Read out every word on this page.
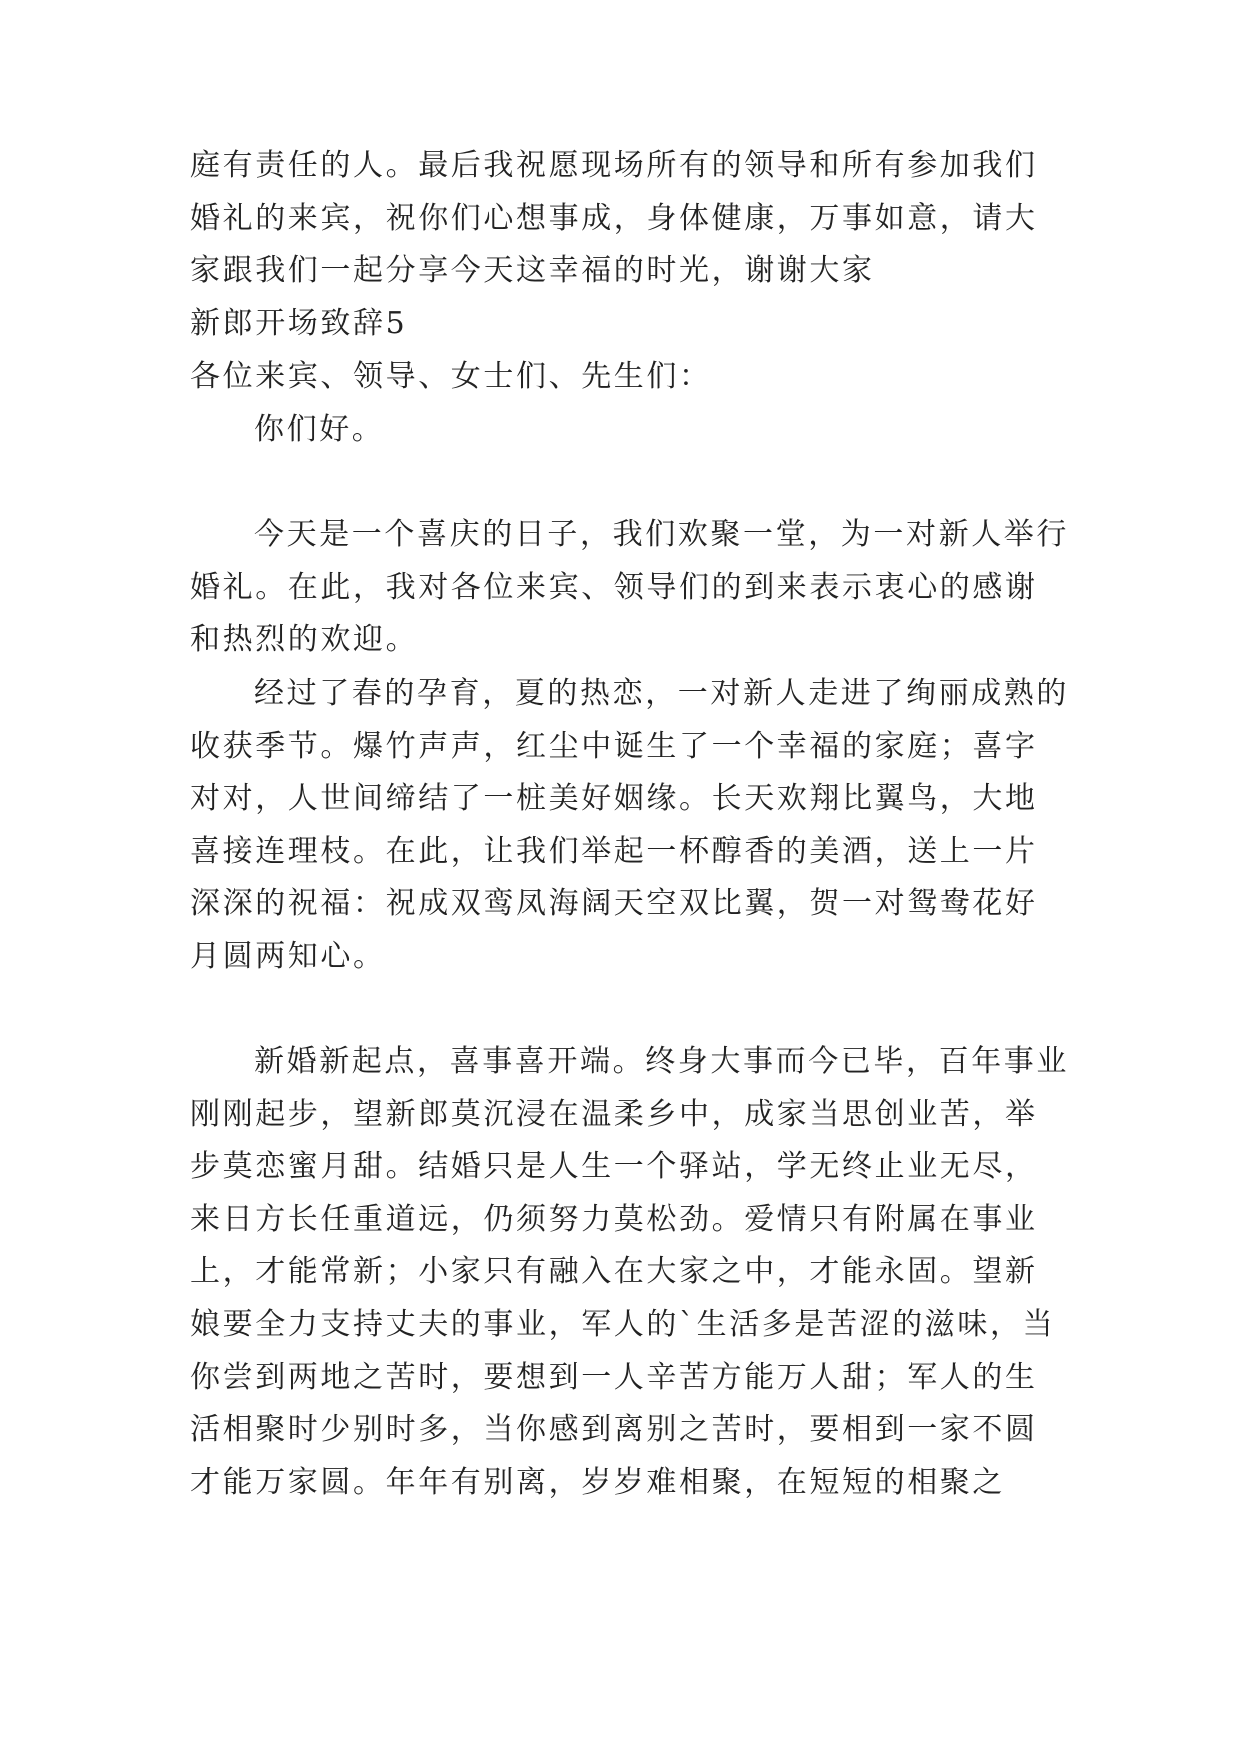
庭有责任的人。最后我祝愿现场所有的领导和所有参加我们婚礼的来宾，祝你们心想事成，身体健康，万事如意，请大家跟我们一起分享今天这幸福的时光，谢谢大家
新郎开场致辞5
各位来宾、领导、女士们、先生们：
你们好。
今天是一个喜庆的日子，我们欢聚一堂，为一对新人举行婚礼。在此，我对各位来宾、领导们的到来表示衷心的感谢和热烈的欢迎。
经过了春的孕育，夏的热恋，一对新人走进了绚丽成熟的收获季节。爆竹声声，红尘中诞生了一个幸福的家庭；喜字对对，人世间缔结了一桩美好姻缘。长天欢翔比翼鸟，大地喜接连理枝。在此，让我们举起一杯醇香的美酒，送上一片深深的祝福：祝成双鸾凤海阔天空双比翼，贺一对鸳鸯花好月圆两知心。
新婚新起点，喜事喜开端。终身大事而今已毕，百年事业刚刚起步，望新郎莫沉浸在温柔乡中，成家当思创业苦，举步莫恋蜜月甜。结婚只是人生一个驿站，学无终止业无尽，来日方长任重道远，仍须努力莫松劲。爱情只有附属在事业上，才能常新；小家只有融入在大家之中，才能永固。望新娘要全力支持丈夫的事业，军人的`生活多是苦涩的滋味，当你尝到两地之苦时，要想到一人辛苦方能万人甜；军人的生活相聚时少别时多，当你感到离别之苦时，要相到一家不圆才能万家圆。年年有别离，岁岁难相聚，在短短的相聚之
